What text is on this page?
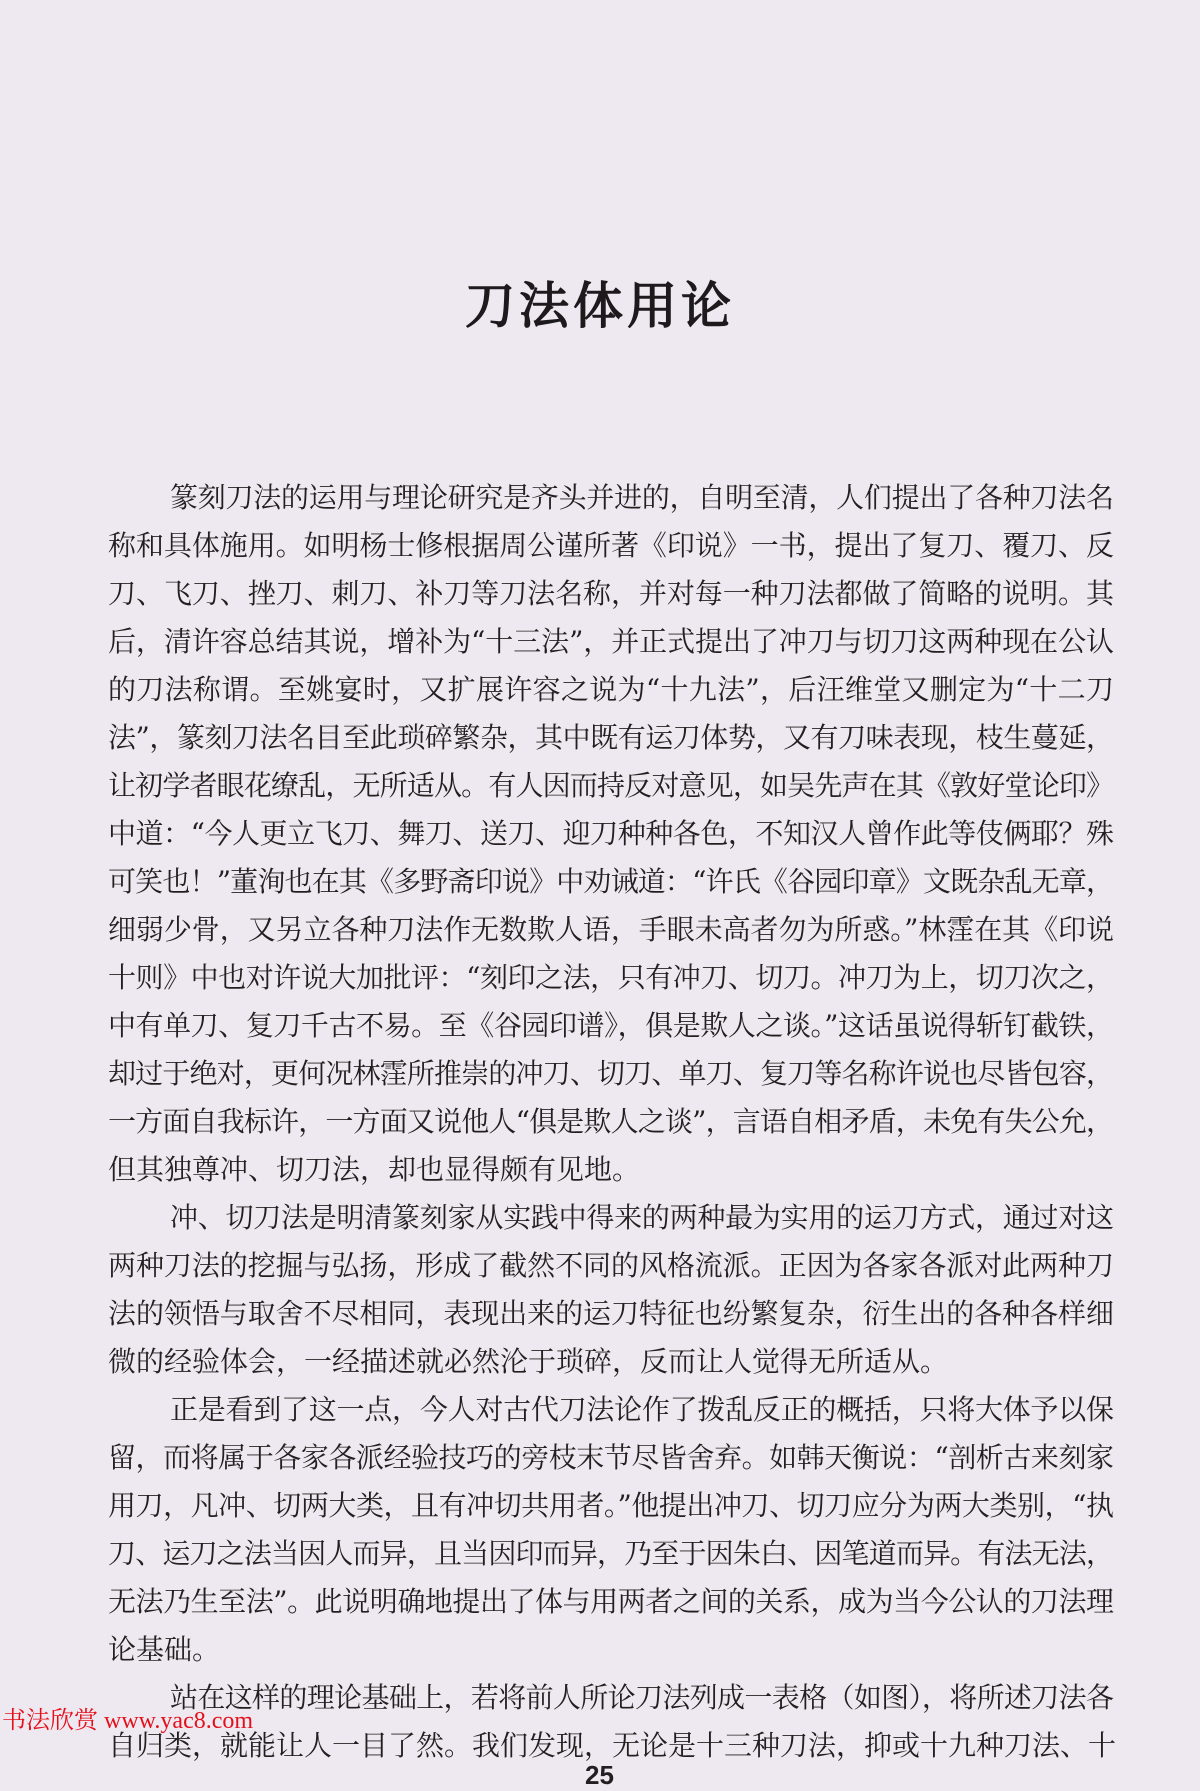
刀法体用论
篆刻刀法的运用与理论研究是齐头并进的，自明至清，人们提出了各种刀法名
称和具体施用。如明杨士修根据周公谨所著《印说》一书，提出了复刀、覆刀、反
刀、飞刀、挫刀、刺刀、补刀等刀法名称，并对每一种刀法都做了简略的说明。其
后，清许容总结其说，增补为“十三法”，并正式提出了冲刀与切刀这两种现在公认
的刀法称谓。至姚宴时，又扩展许容之说为“十九法”，后汪维堂又删定为“十二刀
法”，篆刻刀法名目至此琐碎繁杂，其中既有运刀体势，又有刀味表现，枝生蔓延，
让初学者眼花缭乱，无所适从。有人因而持反对意见，如吴先声在其《敦好堂论印》
中道：“今人更立飞刀、舞刀、送刀、迎刀种种各色，不知汉人曾作此等伎俩耶？殊
可笑也！”董洵也在其《多野斋印说》中劝诫道：“许氏《谷园印章》文既杂乱无章，
细弱少骨，又另立各种刀法作无数欺人语，手眼未高者勿为所惑。”林霔在其《印说
十则》中也对许说大加批评：“刻印之法，只有冲刀、切刀。冲刀为上，切刀次之，
中有单刀、复刀千古不易。至《谷园印谱》，俱是欺人之谈。”这话虽说得斩钉截铁，
却过于绝对，更何况林霔所推崇的冲刀、切刀、单刀、复刀等名称许说也尽皆包容，
一方面自我标许，一方面又说他人“俱是欺人之谈”，言语自相矛盾，未免有失公允，
但其独尊冲、切刀法，却也显得颇有见地。
冲、切刀法是明清篆刻家从实践中得来的两种最为实用的运刀方式，通过对这
两种刀法的挖掘与弘扬，形成了截然不同的风格流派。正因为各家各派对此两种刀
法的领悟与取舍不尽相同，表现出来的运刀特征也纷繁复杂，衍生出的各种各样细
微的经验体会，一经描述就必然沦于琐碎，反而让人觉得无所适从。
正是看到了这一点，今人对古代刀法论作了拨乱反正的概括，只将大体予以保
留，而将属于各家各派经验技巧的旁枝末节尽皆舍弃。如韩天衡说：“剖析古来刻家
用刀，凡冲、切两大类，且有冲切共用者。”他提出冲刀、切刀应分为两大类别，“执
刀、运刀之法当因人而异，且当因印而异，乃至于因朱白、因笔道而异。有法无法，
无法乃生至法”。此说明确地提出了体与用两者之间的关系，成为当今公认的刀法理
论基础。
站在这样的理论基础上，若将前人所论刀法列成一表格（如图），将所述刀法各
自归类，就能让人一目了然。我们发现，无论是十三种刀法，抑或十九种刀法、十
书法欣赏 www.yac8.com
25
